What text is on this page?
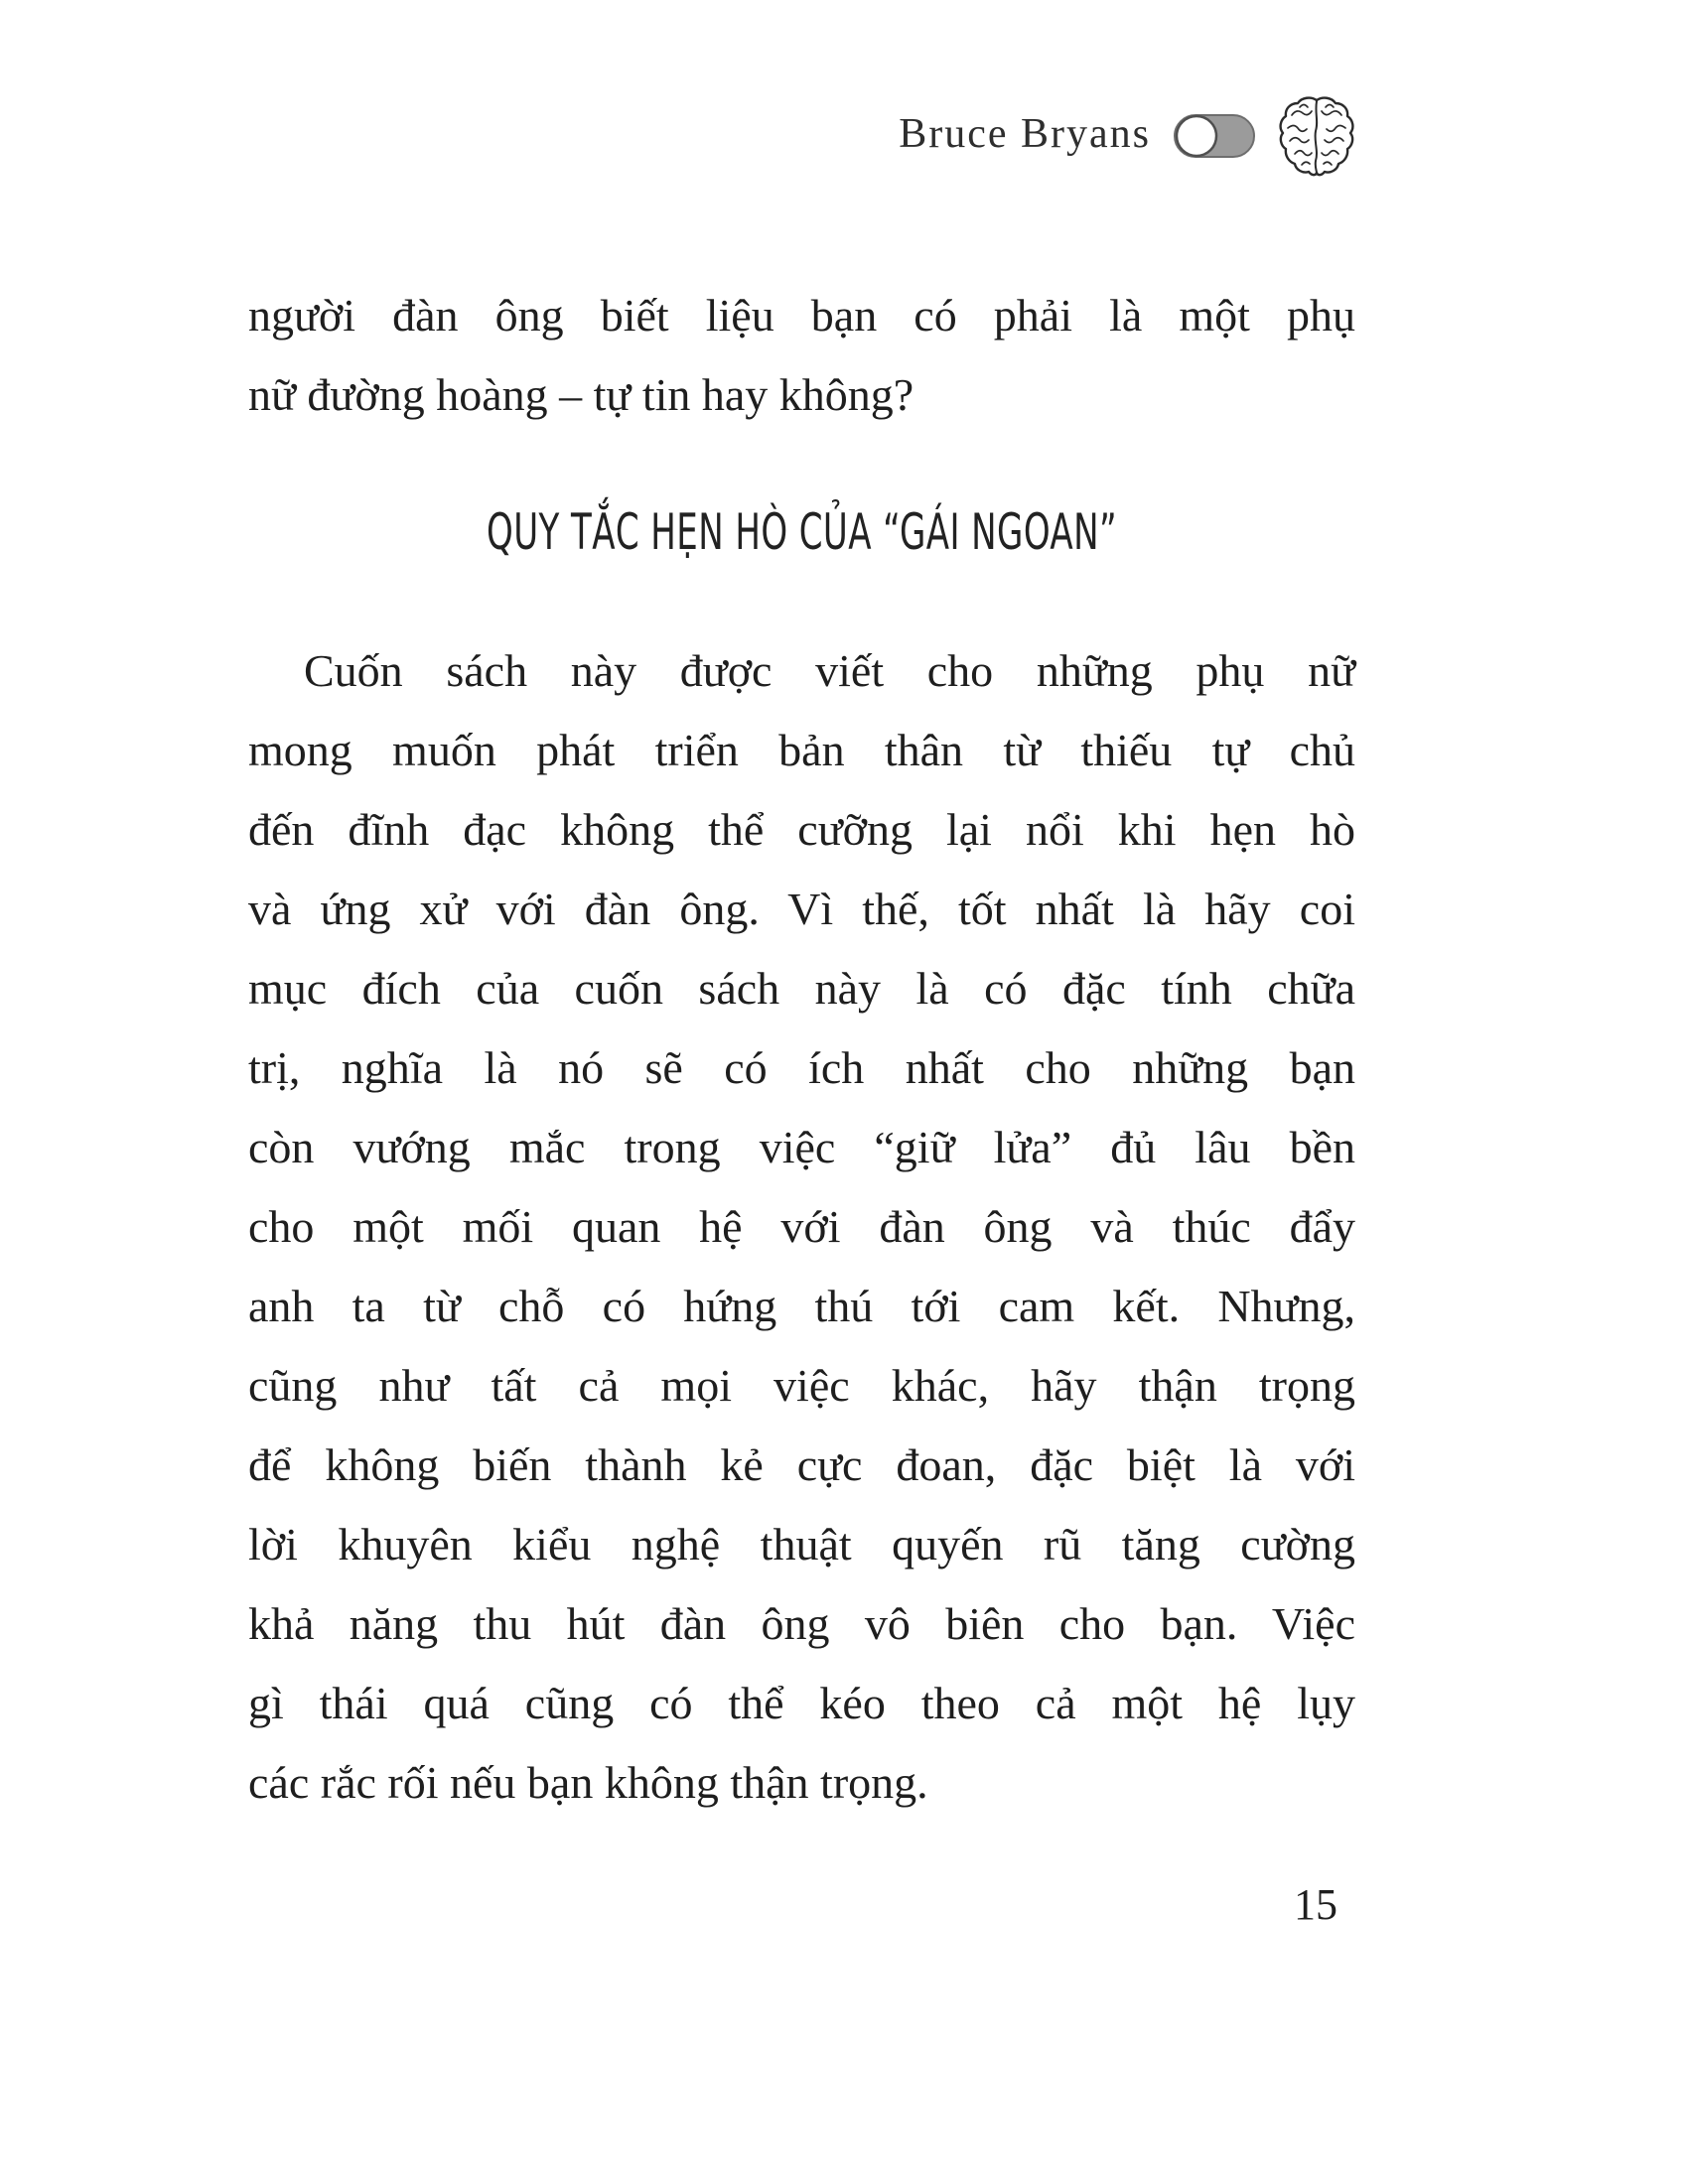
Bruce Bryans
người đàn ông biết liệu bạn có phải là một phụ
nữ đường hoàng – tự tin hay không?
QUY TẮC HẸN HÒ CỦA “GÁI NGOAN”
Cuốn sách này được viết cho những phụ nữ
mong muốn phát triển bản thân từ thiếu tự chủ
đến đĩnh đạc không thể cưỡng lại nổi khi hẹn hò
và ứng xử với đàn ông. Vì thế, tốt nhất là hãy coi
mục đích của cuốn sách này là có đặc tính chữa
trị, nghĩa là nó sẽ có ích nhất cho những bạn
còn vướng mắc trong việc “giữ lửa” đủ lâu bền
cho một mối quan hệ với đàn ông và thúc đẩy
anh ta từ chỗ có hứng thú tới cam kết. Nhưng,
cũng như tất cả mọi việc khác, hãy thận trọng
để không biến thành kẻ cực đoan, đặc biệt là với
lời khuyên kiểu nghệ thuật quyến rũ tăng cường
khả năng thu hút đàn ông vô biên cho bạn. Việc
gì thái quá cũng có thể kéo theo cả một hệ lụy
các rắc rối nếu bạn không thận trọng.
15
